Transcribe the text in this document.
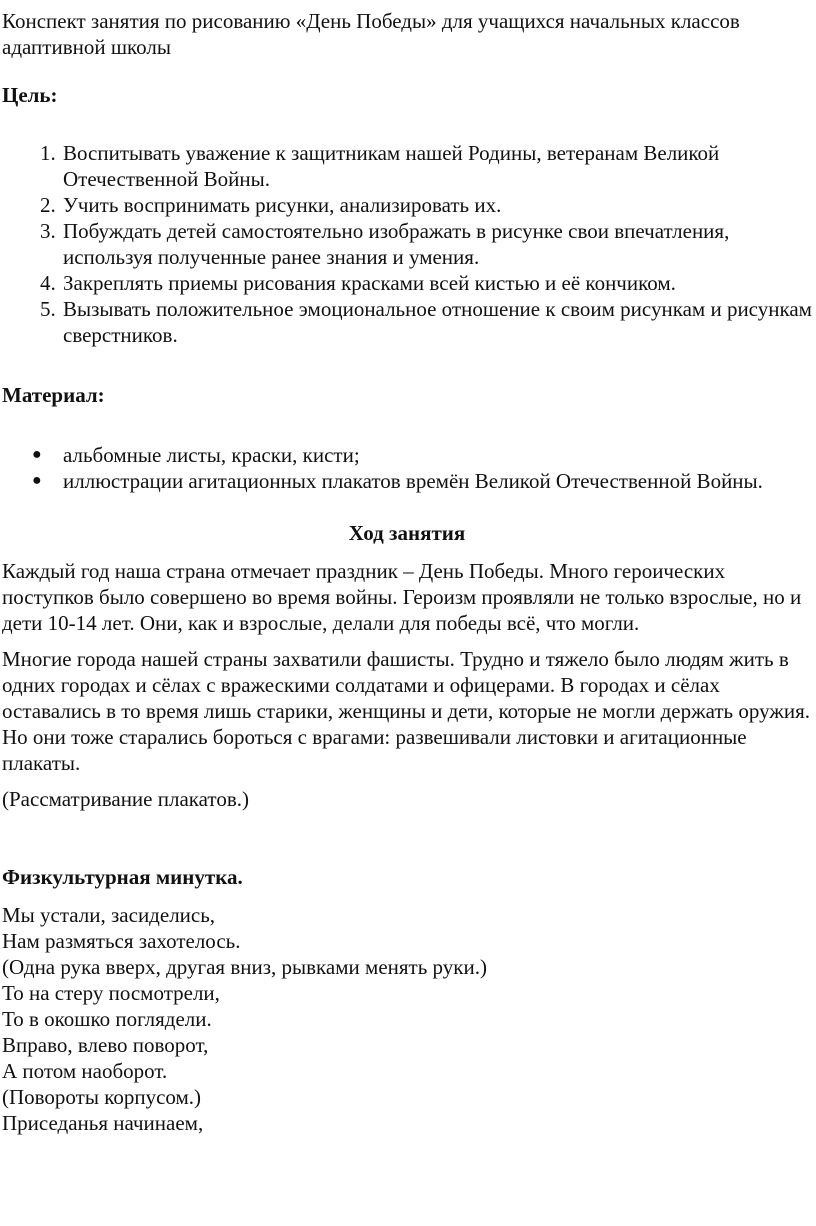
Конспект занятия по рисованию «День Победы» для учащихся начальных классов адаптивной школы
Цель:
1. Воспитывать уважение к защитникам нашей Родины, ветеранам Великой Отечественной Войны.
2. Учить воспринимать рисунки, анализировать их.
3. Побуждать детей самостоятельно изображать в рисунке свои впечатления, используя полученные ранее знания и умения.
4. Закреплять приемы рисования красками всей кистью и её кончиком.
5. Вызывать положительное эмоциональное отношение к своим рисункам и рисункам сверстников.
Материал:
● альбомные листы, краски, кисти;
● иллюстрации агитационных плакатов времён Великой Отечественной Войны.
Ход занятия

Каждый год наша страна отмечает праздник – День Победы. Много героических поступков было совершено во время войны. Героизм проявляли не только взрослые, но и дети 10-14 лет. Они, как и взрослые, делали для победы всё, что могли.

Многие города нашей страны захватили фашисты. Трудно и тяжело было людям жить в одних городах и сёлах с вражескими солдатами и офицерами. В городах и сёлах оставались в то время лишь старики, женщины и дети, которые не могли держать оружия. Но они тоже старались бороться с врагами: развешивали листовки и агитационные плакаты.

(Рассматривание плакатов.)

Физкультурная минутка.
Мы устали, засиделись,
Нам размяться захотелось.
(Одна рука вверх, другая вниз, рывками менять руки.)
То на стеру посмотрели,
То в окошко поглядели.
Вправо, влево поворот,
А потом наоборот.
(Повороты корпусом.)
Приседанья начинаем,
